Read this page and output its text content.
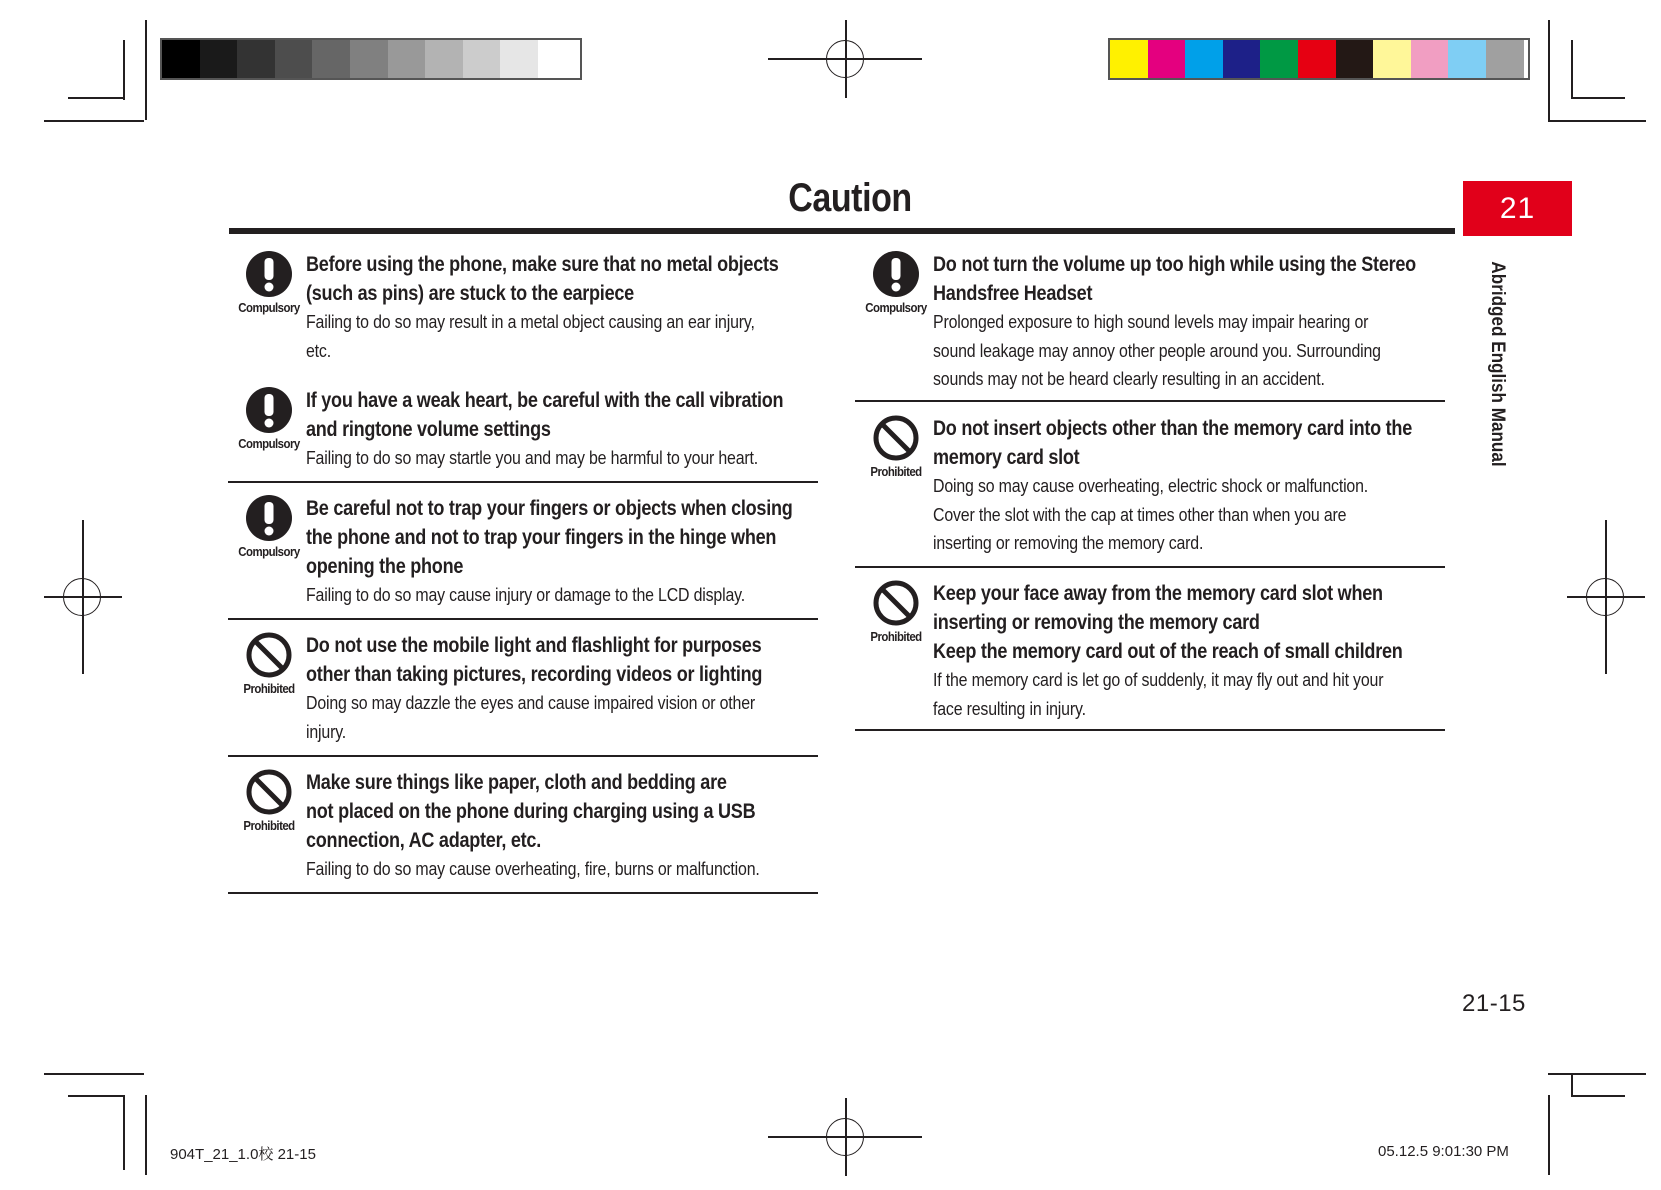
Caution	21
Abridged English Manual
Compulsory
Before using the phone, make sure that no metal objects
(such as pins) are stuck to the earpiece
Failing to do so may result in a metal object causing an ear injury,
etc.
Compulsory
If you have a weak heart, be careful with the call vibration
and ringtone volume settings
Failing to do so may startle you and may be harmful to your heart.
Compulsory
Be careful not to trap your fingers or objects when closing
the phone and not to trap your fingers in the hinge when
opening the phone
Failing to do so may cause injury or damage to the LCD display.
Prohibited
Do not use the mobile light and flashlight for purposes
other than taking pictures, recording videos or lighting
Doing so may dazzle the eyes and cause impaired vision or other
injury.
Prohibited
Make sure things like paper, cloth and bedding are
not placed on the phone during charging using a USB
connection, AC adapter, etc.
Failing to do so may cause overheating, fire, burns or malfunction.
Compulsory
Do not turn the volume up too high while using the Stereo
Handsfree Headset
Prolonged exposure to high sound levels may impair hearing or
sound leakage may annoy other people around you. Surrounding
sounds may not be heard clearly resulting in an accident.
Prohibited
Do not insert objects other than the memory card into the
memory card slot
Doing so may cause overheating, electric shock or malfunction.
Cover the slot with the cap at times other than when you are
inserting or removing the memory card.
Prohibited
Keep your face away from the memory card slot when
inserting or removing the memory card
Keep the memory card out of the reach of small children
If the memory card is let go of suddenly, it may fly out and hit your
face resulting in injury.
21-15
904T_21_1.0校 21-15	05.12.5 9:01:30 PM
